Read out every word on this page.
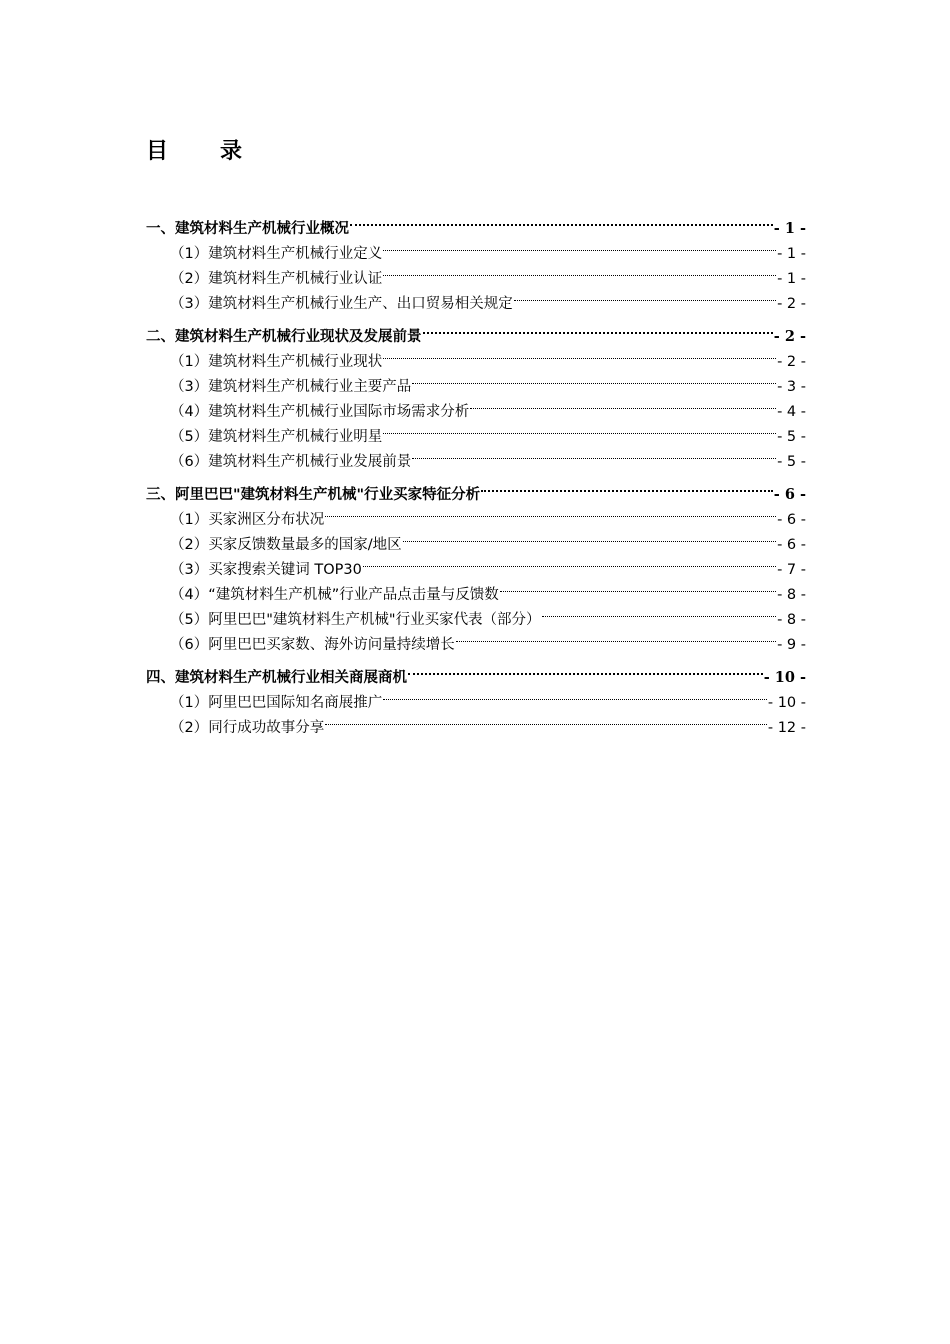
目 录
一、建筑材料生产机械行业概况	- 1 -
（1）建筑材料生产机械行业定义	- 1 -
（2）建筑材料生产机械行业认证	- 1 -
（3）建筑材料生产机械行业生产、出口贸易相关规定	- 2 -
二、建筑材料生产机械行业现状及发展前景	- 2 -
（1）建筑材料生产机械行业现状	- 2 -
（3）建筑材料生产机械行业主要产品	- 3 -
（4）建筑材料生产机械行业国际市场需求分析	- 4 -
（5）建筑材料生产机械行业明星	- 5 -
（6）建筑材料生产机械行业发展前景	- 5 -
三、阿里巴巴"建筑材料生产机械"行业买家特征分析	- 6 -
（1）买家洲区分布状况	- 6 -
（2）买家反馈数量最多的国家/地区	- 6 -
（3）买家搜索关键词 TOP30	- 7 -
（4）“建筑材料生产机械”行业产品点击量与反馈数	- 8 -
（5）阿里巴巴"建筑材料生产机械"行业买家代表（部分）	- 8 -
（6）阿里巴巴买家数、海外访问量持续增长	- 9 -
四、建筑材料生产机械行业相关商展商机	- 10 -
（1）阿里巴巴国际知名商展推广	- 10 -
（2）同行成功故事分享	- 12 -
